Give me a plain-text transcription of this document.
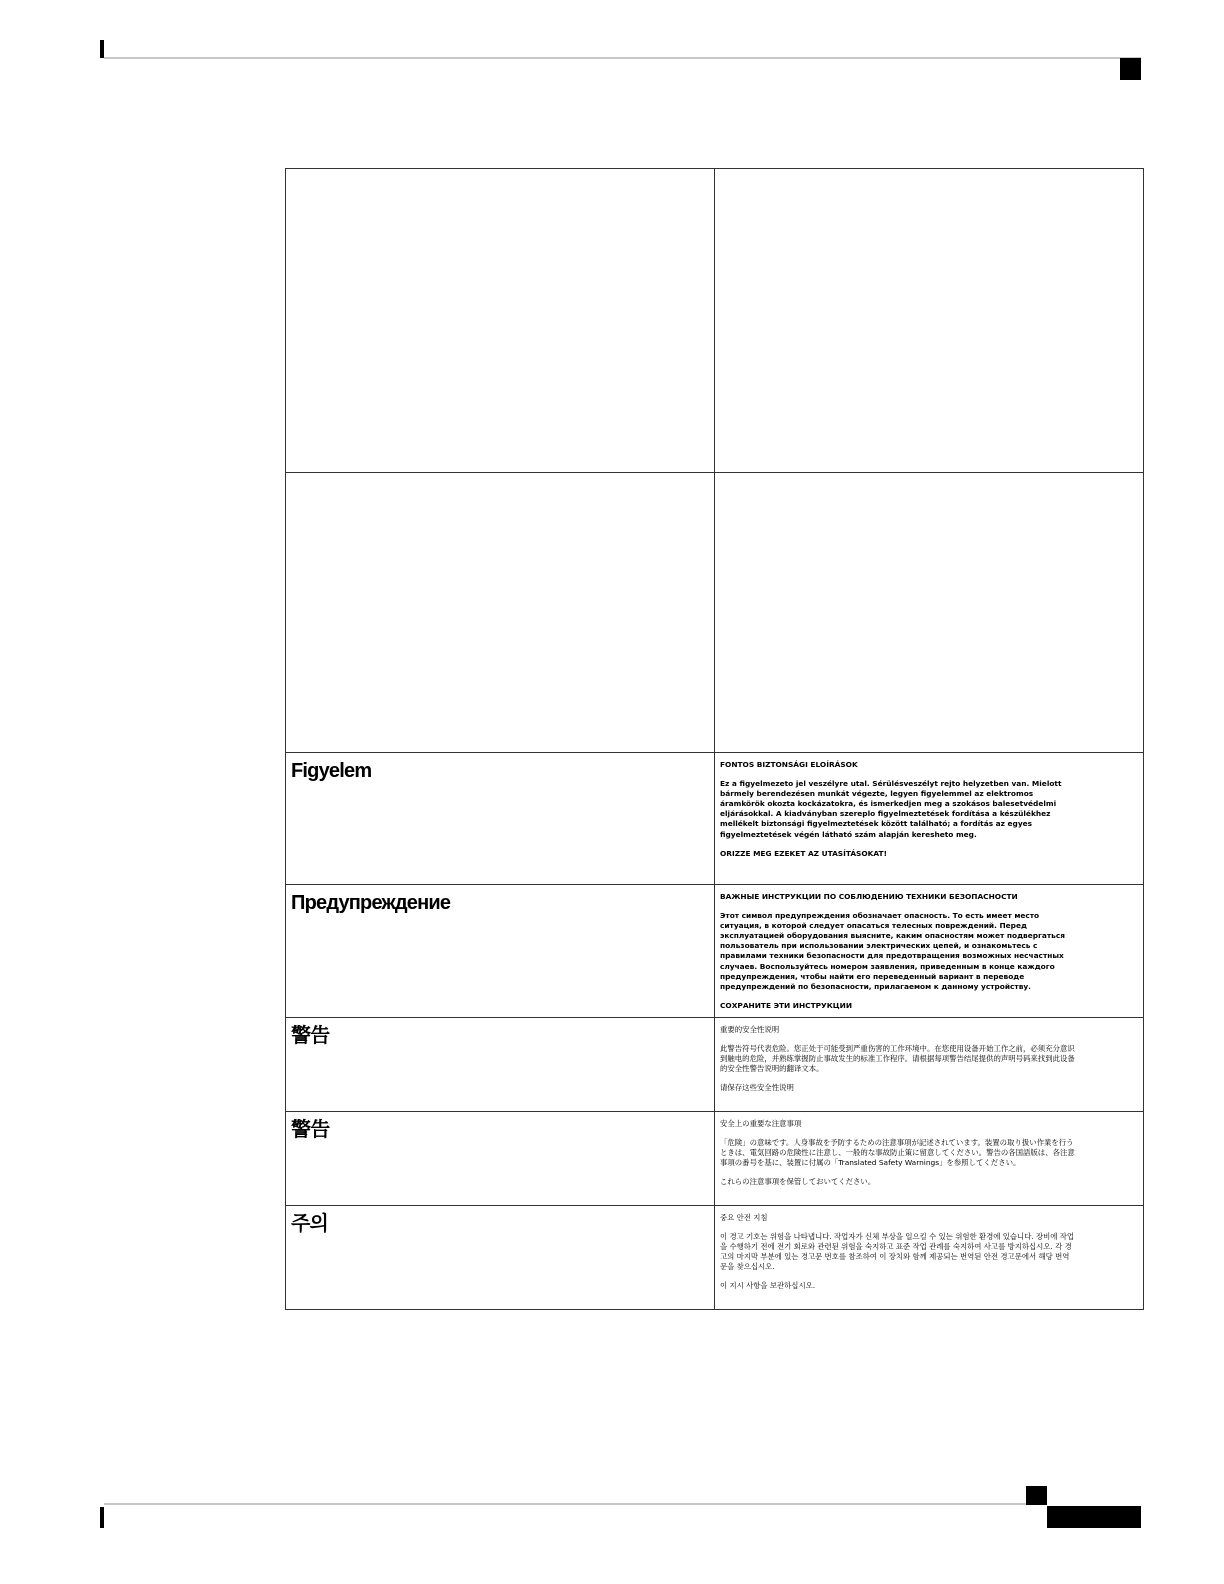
Figyelem	FONTOS BIZTONSÁGI ELOÍRÁSOK
Ez a figyelmezeto jel veszélyre utal. Sérülésveszélyt rejto helyzetben van. Mielott bármely berendezésen munkát végezte, legyen figyelemmel az elektromos áramkörök okozta kockázatokra, és ismerkedjen meg a szokásos balesetvédelmi eljárásokkal. A kiadványban szereplo figyelmeztetések fordítása a készülékhez mellékelt biztonsági figyelmeztetések között található; a fordítás az egyes figyelmeztetések végén látható szám alapján keresheto meg.
ORIZZE MEG EZEKET AZ UTASÍTÁSOKAT!

Предупреждение	ВАЖНЫЕ ИНСТРУКЦИИ ПО СОБЛЮДЕНИЮ ТЕХНИКИ БЕЗОПАСНОСТИ
Этот символ предупреждения обозначает опасность. То есть имеет место ситуация, в которой следует опасаться телесных повреждений. Перед эксплуатацией оборудования выясните, каким опасностям может подвергаться пользователь при использовании электрических цепей, и ознакомьтесь с правилами техники безопасности для предотвращения возможных несчастных случаев. Воспользуйтесь номером заявления, приведенным в конце каждого предупреждения, чтобы найти его переведенный вариант в переводе предупреждений по безопасности, прилагаемом к данному устройству.
СОХРАНИТЕ ЭТИ ИНСТРУКЦИИ

警告	重要的安全性说明
此警告符号代表危险。您正处于可能受到严重伤害的工作环境中。在您使用设备开始工作之前，必须充分意识到触电的危险，并熟练掌握防止事故发生的标准工作程序。请根据每项警告结尾提供的声明号码来找到此设备的安全性警告说明的翻译文本。
请保存这些安全性说明

警告	安全上の重要な注意事項
「危険」の意味です。人身事故を予防するための注意事項が記述されています。装置の取り扱い作業を行うときは、電気回路の危険性に注意し、一般的な事故防止策に留意してください。警告の各国語版は、各注意事項の番号を基に、装置に付属の「Translated Safety Warnings」を参照してください。
これらの注意事項を保管しておいてください。

주의	중요 안전 지침
이 경고 기호는 위험을 나타냅니다. 작업자가 신체 부상을 일으킬 수 있는 위험한 환경에 있습니다. 장비에 작업을 수행하기 전에 전기 회로와 관련된 위험을 숙지하고 표준 작업 관례를 숙지하여 사고를 방지하십시오. 각 경고의 마지막 부분에 있는 경고문 번호를 참조하여 이 장치와 함께 제공되는 번역된 안전 경고문에서 해당 번역문을 찾으십시오.
이 지시 사항을 보관하십시오.
